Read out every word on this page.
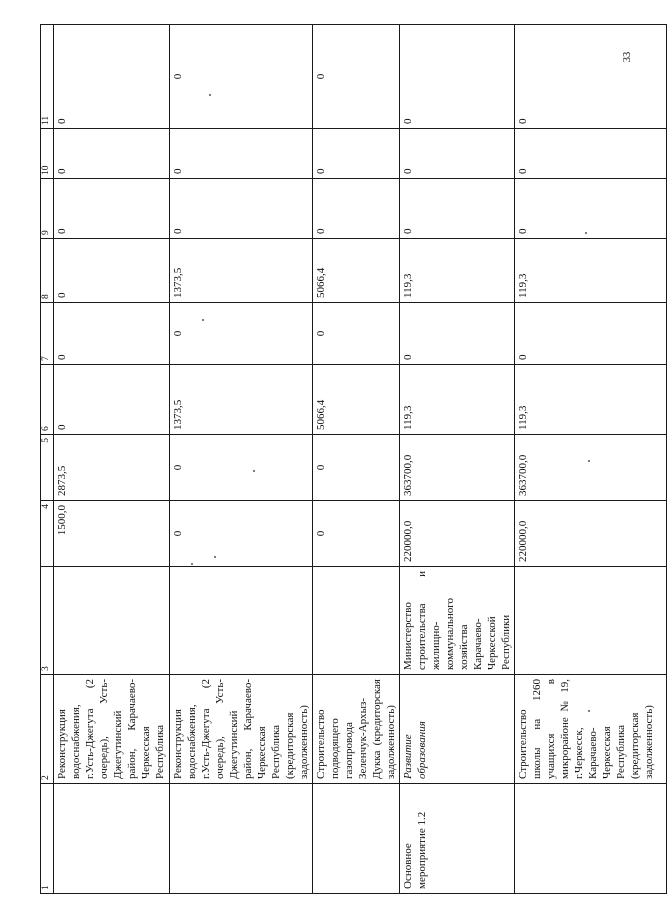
33
1	2	3	4	5	6	7	8	9	10	11
	Реконструкция водоснабжения, г.Усть-Джегута (2 очередь), Усть-Джегутинский район, Карачаево-Черкесская Республика		1500,0	2873,5	0	0	0	0	0	0
	Реконструкция водоснабжения, г.Усть-Джегута (2 очередь), Усть-Джегутинский район, Карачаево-Черкесская Республика (кредиторская задолженность)		0	0	1373,5	0	1373,5	0	0	0
	Строительство подводящего газопровода Зеленчук-Архыз-Дукка (кредиторская задолженность)		0	0	5066,4	0	5066,4	0	0	0
Основное мероприятие 1.2	Развитие образования	Министерство строительства и жилищно-коммунального хозяйства Карачаево-Черкесской Республики	220000,0	363700,0	119,3	0	119,3	0	0	0
	Строительство школы на 1260 учащихся в микрорайоне № 19, г.Черкесск, Карачаево-Черкесская Республика (кредиторская задолженность)		220000,0	363700,0	119,3	0	119,3	0	0	0
